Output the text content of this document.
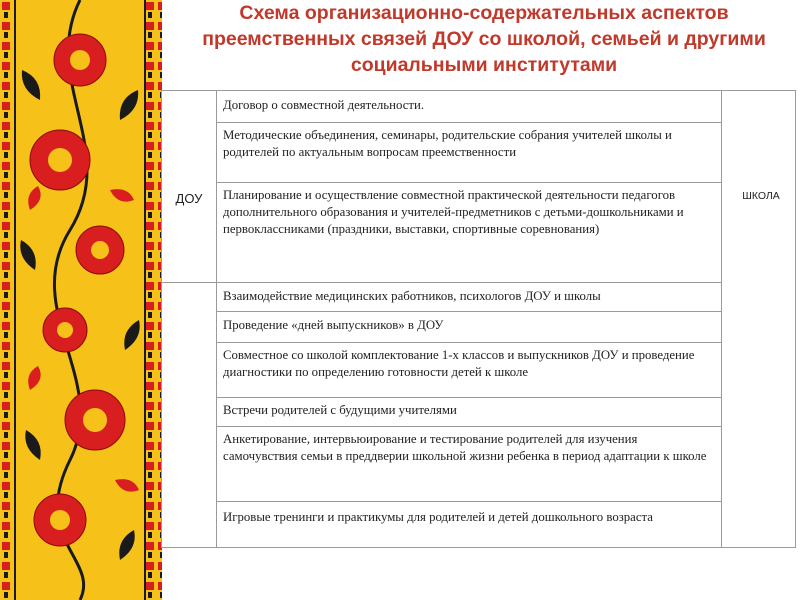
Схема организационно-содержательных аспектов преемственных связей ДОУ со школой, семьей и другими социальными институтами
ДОУ	ШКОЛА
Договор о совместной деятельности.
Методические объединения, семинары, родительские собрания учителей школы и родителей по актуальным вопросам преемственности
Планирование и осуществление совместной практической деятельности педагогов дополнительного образования и учителей-предметников с детьми-дошкольниками и первоклассниками (праздники, выставки, спортивные соревнования)
Взаимодействие медицинских работников, психологов ДОУ и школы
Проведение «дней выпускников» в ДОУ
Совместное со школой комплектование 1-х классов и выпускников ДОУ и проведение диагностики по определению готовности детей к школе
Встречи родителей с будущими учителями
Анкетирование, интервьюирование и тестирование родителей для изучения самочувствия семьи в преддверии школьной жизни ребенка в период адаптации к школе
Игровые тренинги и практикумы для родителей и детей дошкольного возраста
